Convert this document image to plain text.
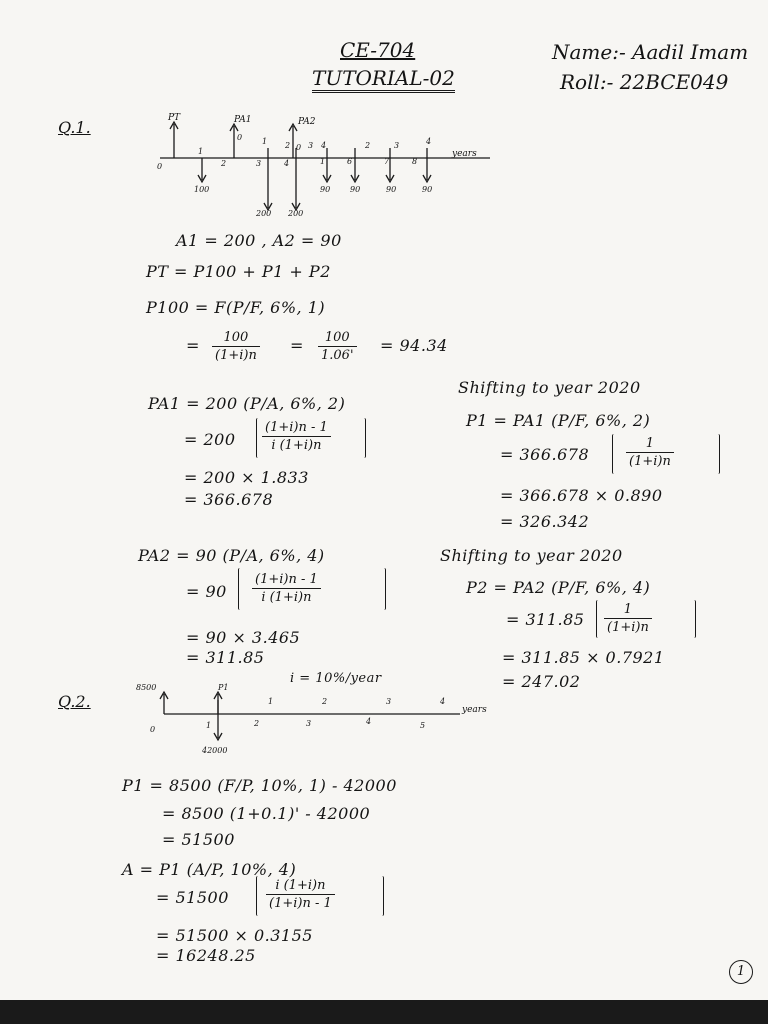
CE-704
TUTORIAL-02
Name:- Aadil Imam
Roll:- 22BCE049
Q.1.	PT	PA1	PA2
years
0
1
2	3	4
0 1 2 3 4
0
1	6	7	8
2	3	4
100
200 200
90 90	90	90
A1 = 200 , A2 = 90
PT = P100 + P1 + P2
P100 = F(P/F, 6%, 1)
= $\frac{100}{(1+i)n} = \frac{100}{1.06'} = 94.34$
PA1 = 200 (P/A, 6%, 2)
= $200 \frac{(1+i)n - 1}{i (1+i)n}$
= 200 × 1.833
= 366.678
PA2 = 90 (P/A, 6%, 4)
= $90 \frac{(1+i)n - 1}{i (1+i)n}$
= 90 × 3.465
= 311.85
Shifting to year 2020
P1 = PA1 (P/F, 6%, 2)
= 366.678	$\frac{1}{(1+i)n}$
= 366.678 × 0.890
= 326.342
Shifting to year 2020
P2 = PA2 (P/F, 6%, 4)
= $311.85 \frac{1}{(1+i)n}$
= 311.85 × 0.7921
= 247.02
Q.2.
8500	P1
i = 10%/year
0
1	2	3	4
1	2	3	4	5
years
42000
P1 = 8500 (F/P, 10%, 1) - 42000
= 8500 (1+0.1)' - 42000
= 51500
A = P1 (A/P, 10%, 4)
= 51500	$\frac{i (1+i)n}{(1+i)n - 1}$
= 51500 × 0.3155
= 16248.25
1
